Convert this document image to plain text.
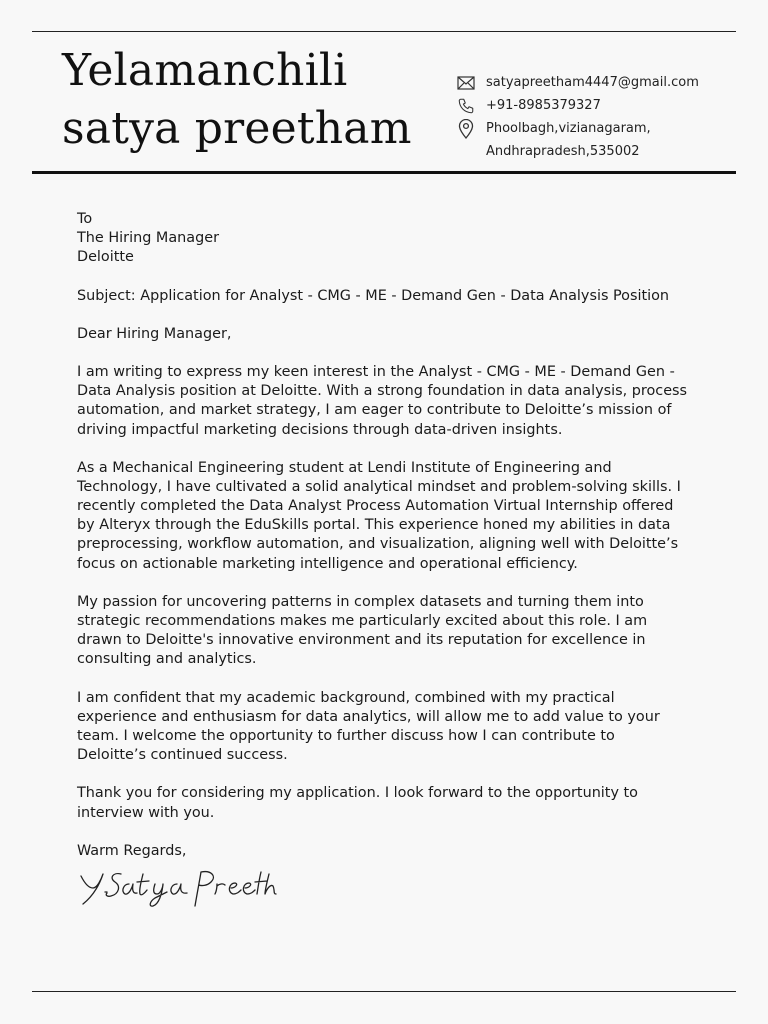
Yelamanchili
satya preetham
satyapreetham4447@gmail.com
+91-8985379327
Phoolbagh,vizianagaram,
Andhrapradesh,535002
To
The Hiring Manager
Deloitte
Subject: Application for Analyst - CMG - ME - Demand Gen - Data Analysis Position
Dear Hiring Manager,
I am writing to express my keen interest in the Analyst - CMG - ME - Demand Gen -
Data Analysis position at Deloitte. With a strong foundation in data analysis, process
automation, and market strategy, I am eager to contribute to Deloitte’s mission of
driving impactful marketing decisions through data-driven insights.
As a Mechanical Engineering student at Lendi Institute of Engineering and
Technology, I have cultivated a solid analytical mindset and problem-solving skills. I
recently completed the Data Analyst Process Automation Virtual Internship offered
by Alteryx through the EduSkills portal. This experience honed my abilities in data
preprocessing, workflow automation, and visualization, aligning well with Deloitte’s
focus on actionable marketing intelligence and operational efficiency.
My passion for uncovering patterns in complex datasets and turning them into
strategic recommendations makes me particularly excited about this role. I am
drawn to Deloitte's innovative environment and its reputation for excellence in
consulting and analytics.
I am confident that my academic background, combined with my practical
experience and enthusiasm for data analytics, will allow me to add value to your
team. I welcome the opportunity to further discuss how I can contribute to
Deloitte’s continued success.
Thank you for considering my application. I look forward to the opportunity to
interview with you.
Warm Regards,
